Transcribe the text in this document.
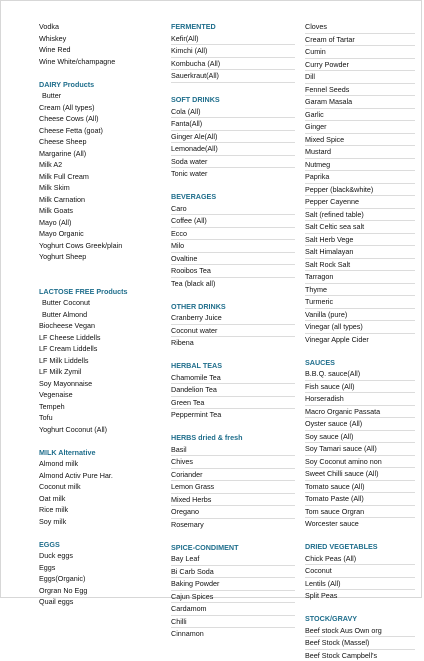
Vodka
Whiskey
Wine Red
Wine White/champagne
DAIRY Products
Butter
Cream (All types)
Cheese Cows (All)
Cheese Fetta (goat)
Cheese Sheep
Margarine (All)
Milk A2
Milk Full Cream
Milk Skim
Milk Carnation
Milk Goats
Mayo (All)
Mayo Organic
Yoghurt Cows Greek/plain
Yoghurt Sheep
LACTOSE FREE Products
Butter Coconut
Butter Almond
Biocheese Vegan
LF Cheese Liddells
LF Cream Liddells
LF Milk Liddells
LF Milk Zymil
Soy Mayonnaise
Vegenaise
Tempeh
Tofu
Yoghurt Coconut (All)
MILK Alternative
Almond milk
Almond Activ Pure Har.
Coconut milk
Oat milk
Rice milk
Soy milk
EGGS
Duck eggs
Eggs
Eggs(Organic)
Orgran No Egg
Quail eggs
FERMENTED
Kefir(All)
Kimchi (All)
Kombucha (All)
Sauerkraut(All)
SOFT DRINKS
Cola (All)
Fanta(All)
Ginger Ale(All)
Lemonade(All)
Soda water
Tonic water
BEVERAGES
Caro
Coffee (All)
Ecco
Milo
Ovaltine
Rooibos Tea
Tea (black all)
OTHER DRINKS
Cranberry Juice
Coconut water
Ribena
HERBAL TEAS
Chamomile Tea
Dandelion Tea
Green Tea
Peppermint Tea
HERBS dried & fresh
Basil
Chives
Coriander
Lemon Grass
Mixed Herbs
Oregano
Rosemary
SPICE-CONDIMENT
Bay Leaf
Bi Carb Soda
Baking Powder
Cajun Spices
Cardamom
Chilli
Cinnamon
Cloves
Cream of Tartar
Cumin
Curry Powder
Dill
Fennel Seeds
Garam Masala
Garlic
Ginger
Mixed Spice
Mustard
Nutmeg
Paprika
Pepper (black&white)
Pepper Cayenne
Salt (refined table)
Salt Celtic sea salt
Salt Herb Vege
Salt Himalayan
Salt Rock Salt
Tarragon
Thyme
Turmeric
Vanilla (pure)
Vinegar (all types)
Vinegar Apple Cider
SAUCES
B.B.Q. sauce(All)
Fish sauce (All)
Horseradish
Macro Organic Passata
Oyster sauce (All)
Soy sauce (All)
Soy Tamari sauce (All)
Soy Coconut amino non
Sweet Chilli sauce (All)
Tomato sauce (All)
Tomato Paste (All)
Tom sauce Orgran
Worcester sauce
DRIED VEGETABLES
Chick Peas (All)
Coconut
Lentils (All)
Split Peas
STOCK/GRAVY
Beef stock Aus Own org
Beef Stock (Massel)
Beef Stock Campbell's
